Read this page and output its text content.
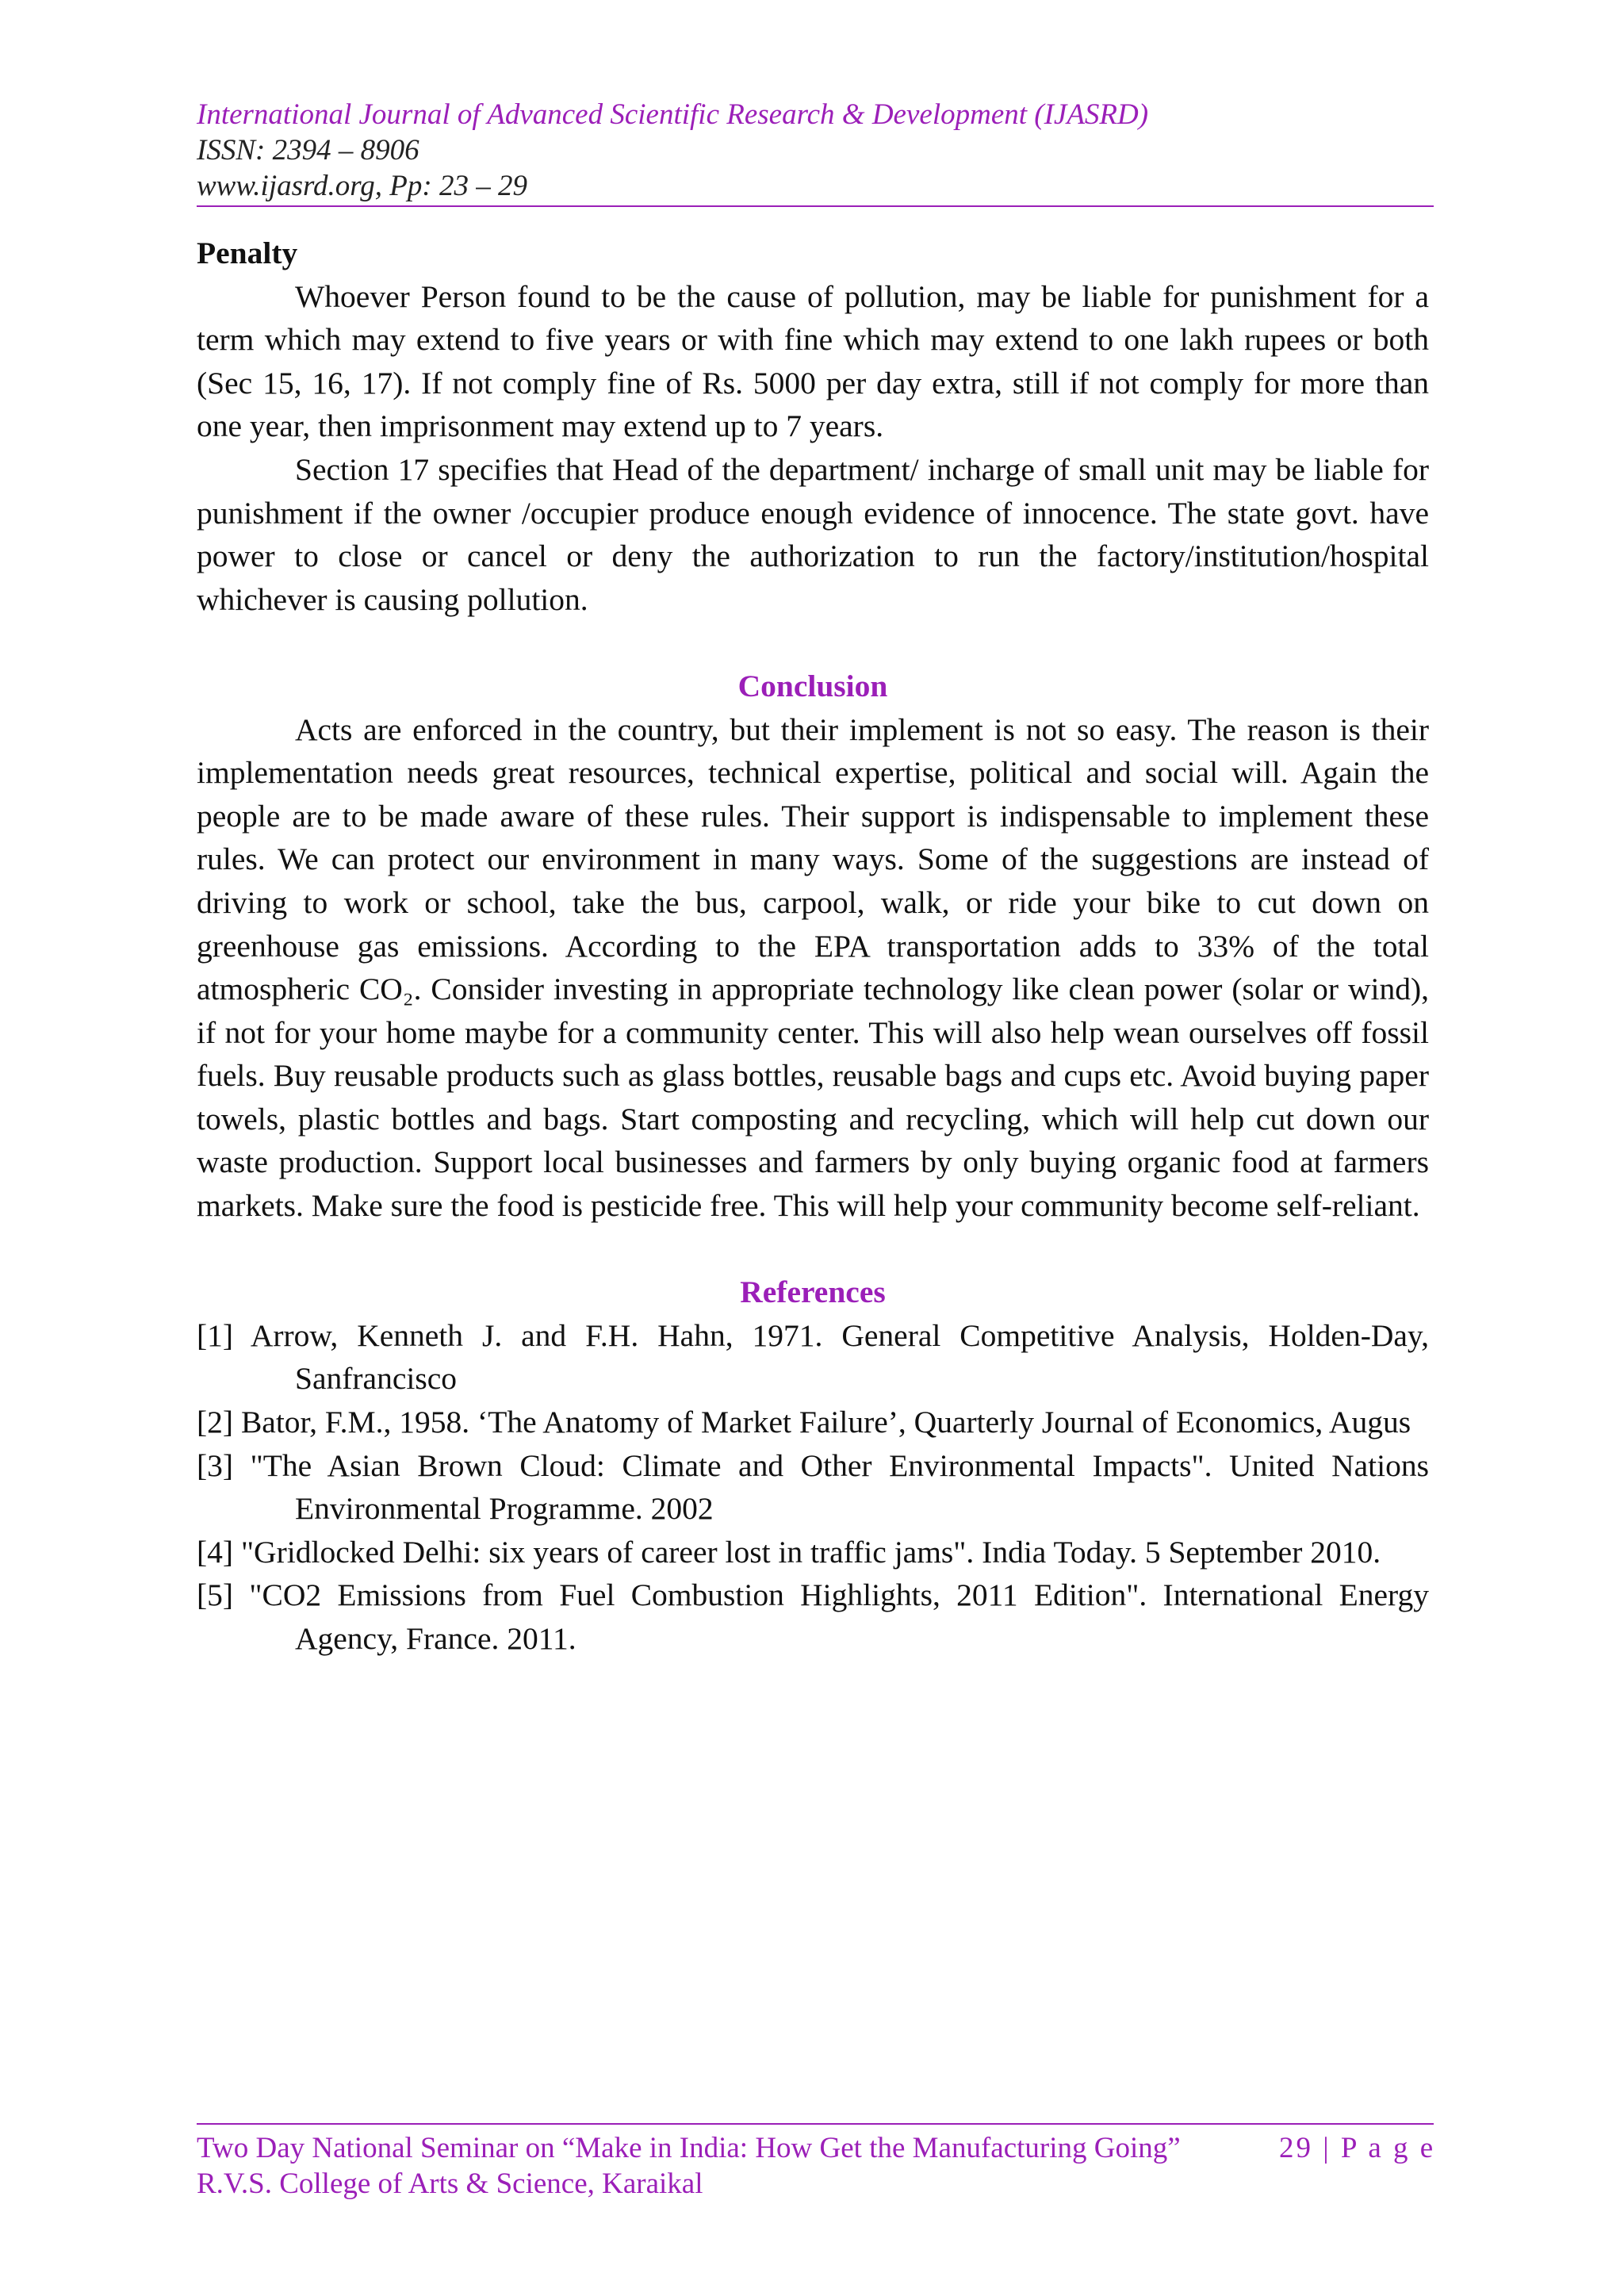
International Journal of Advanced Scientific Research & Development (IJASRD)
ISSN: 2394 – 8906
www.ijasrd.org, Pp: 23 – 29

Penalty

Whoever Person found to be the cause of pollution, may be liable for punishment for a term which may extend to five years or with fine which may extend to one lakh rupees or both (Sec 15, 16, 17). If not comply fine of Rs. 5000 per day extra, still if not comply for more than one year, then imprisonment may extend up to 7 years.

Section 17 specifies that Head of the department/ incharge of small unit may be liable for punishment if the owner /occupier produce enough evidence of innocence. The state govt. have power to close or cancel or deny the authorization to run the factory/institution/hospital whichever is causing pollution.

Conclusion

Acts are enforced in the country, but their implement is not so easy. The reason is their implementation needs great resources, technical expertise, political and social will. Again the people are to be made aware of these rules. Their support is indispensable to implement these rules. We can protect our environment in many ways. Some of the suggestions are instead of driving to work or school, take the bus, carpool, walk, or ride your bike to cut down on greenhouse gas emissions. According to the EPA transportation adds to 33% of the total atmospheric CO₂. Consider investing in appropriate technology like clean power (solar or wind), if not for your home maybe for a community center. This will also help wean ourselves off fossil fuels. Buy reusable products such as glass bottles, reusable bags and cups etc. Avoid buying paper towels, plastic bottles and bags. Start composting and recycling, which will help cut down our waste production. Support local businesses and farmers by only buying organic food at farmers markets. Make sure the food is pesticide free. This will help your community become self-reliant.

References

[1] Arrow, Kenneth J. and F.H. Hahn, 1971. General Competitive Analysis, Holden-Day, Sanfrancisco
[2] Bator, F.M., 1958. ‘The Anatomy of Market Failure’, Quarterly Journal of Economics, Augus
[3] "The Asian Brown Cloud: Climate and Other Environmental Impacts". United Nations Environmental Programme. 2002
[4] "Gridlocked Delhi: six years of career lost in traffic jams". India Today. 5 September 2010.
[5] "CO2 Emissions from Fuel Combustion Highlights, 2011 Edition". International Energy Agency, France. 2011.
Two Day National Seminar on “Make in India: How Get the Manufacturing Going”	29 | P a g e
R.V.S. College of Arts & Science, Karaikal
